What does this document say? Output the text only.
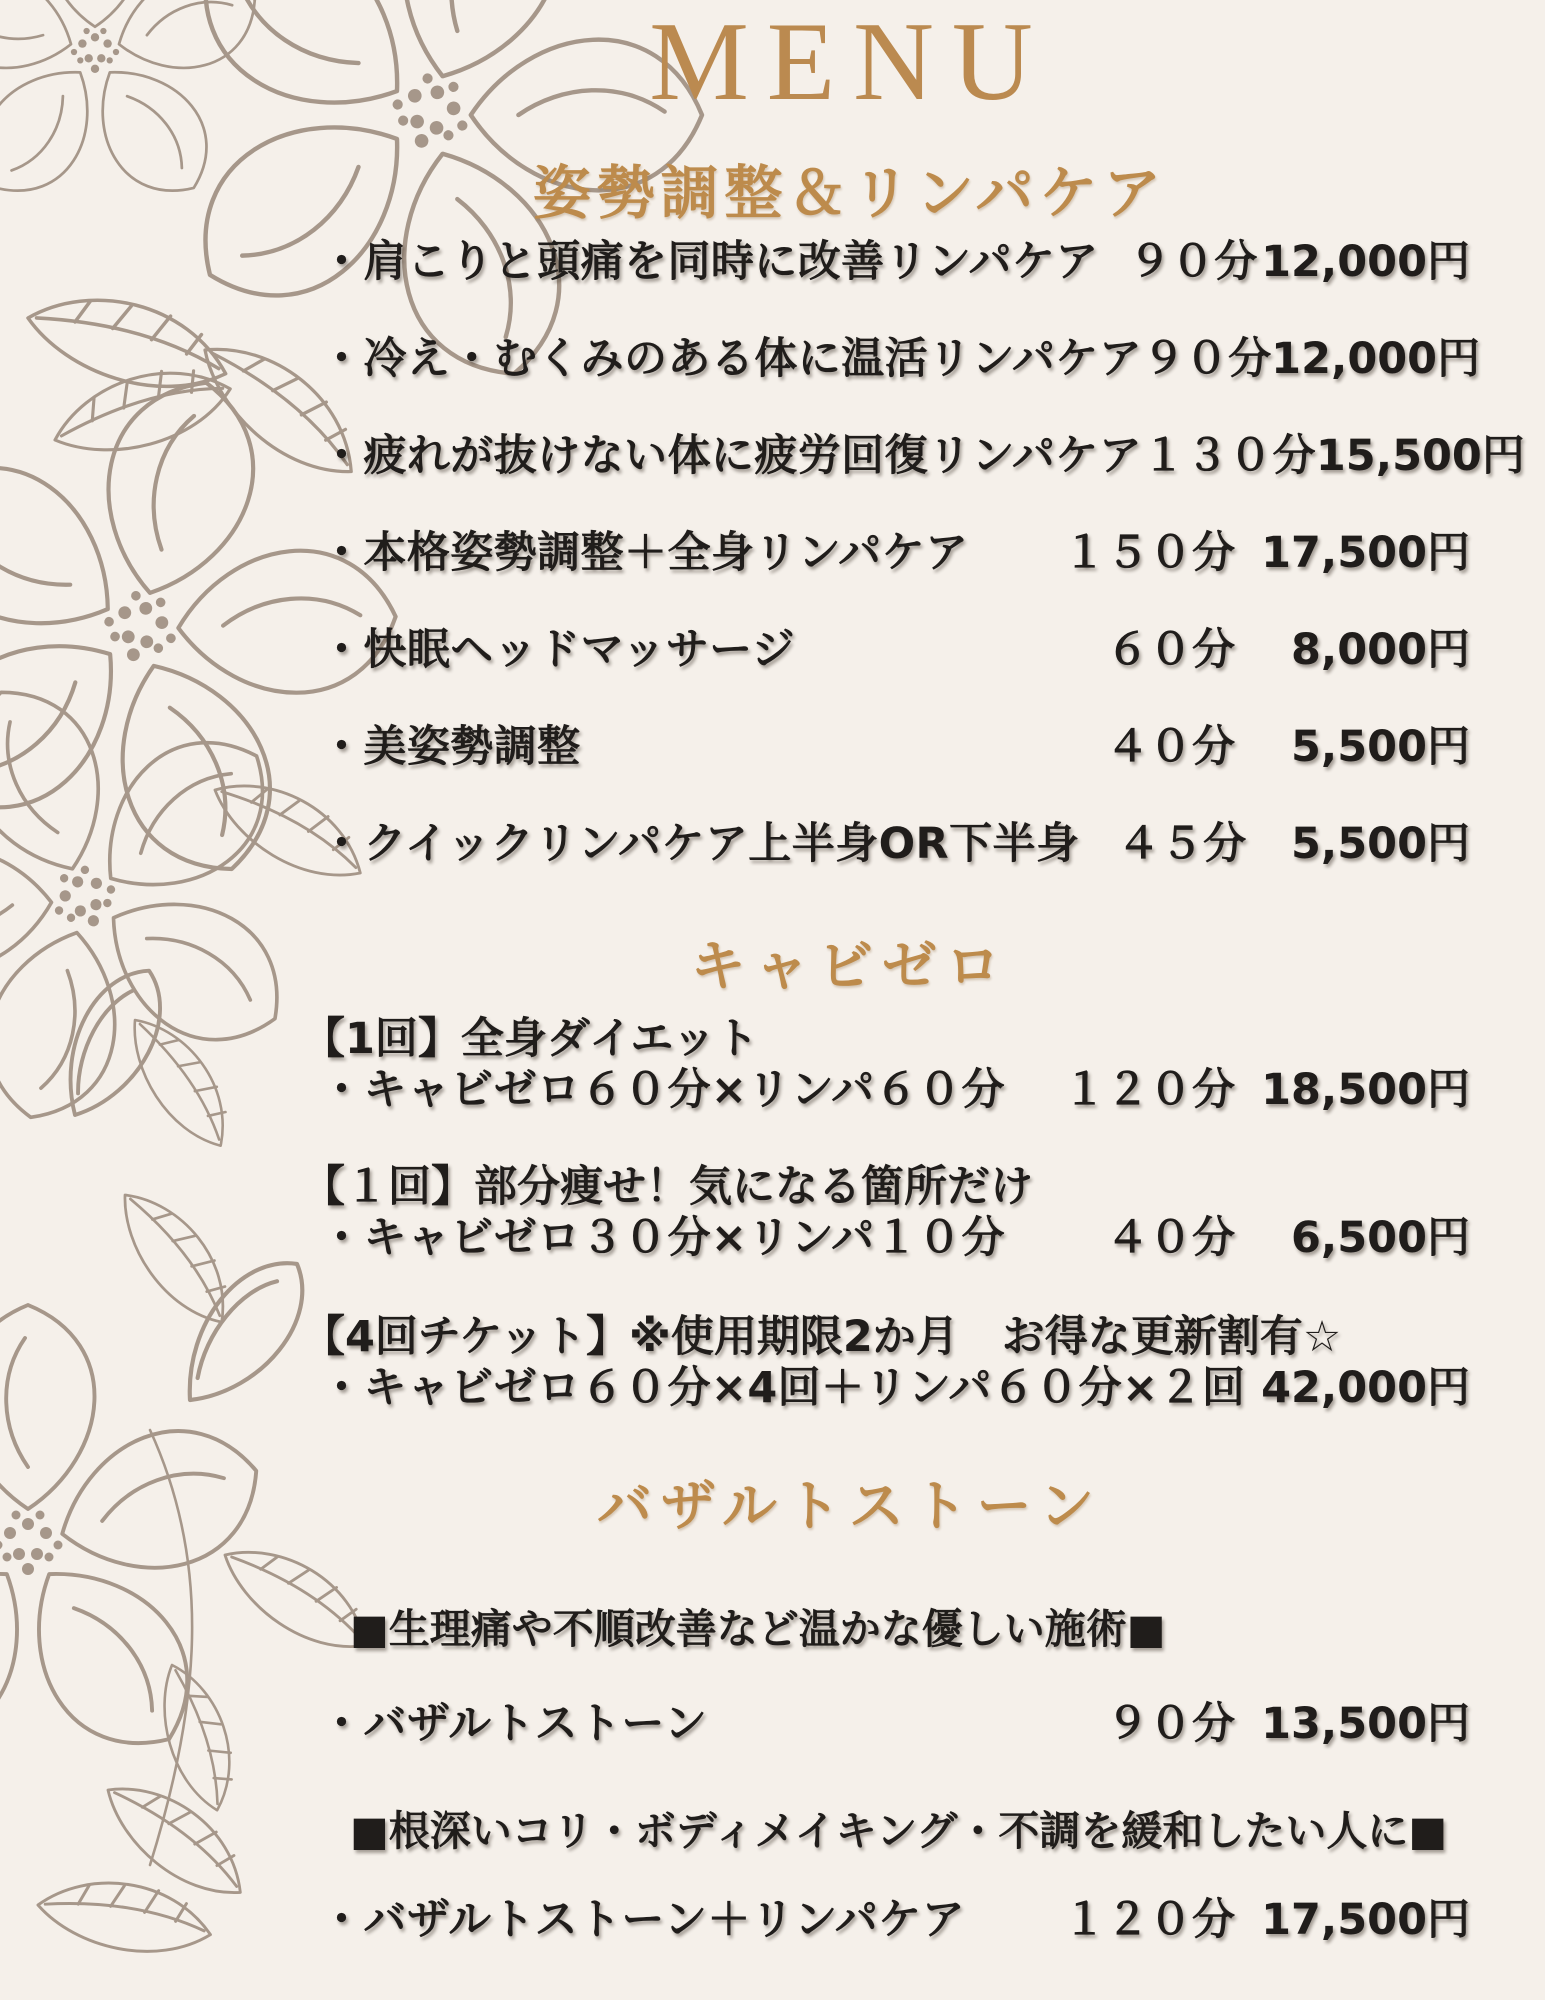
MENU
姿勢調整＆リンパケア
・肩こりと頭痛を同時に改善リンパケア ９０分 12,000円
・冷え・むくみのある体に温活リンパケア ９０分 12,000円
・疲れが抜けない体に疲労回復リンパケア１３０分 15,500円
・本格姿勢調整＋全身リンパケア	１５０分 17,500円
・快眠ヘッドマッサージ	６０分	8,000円
・美姿勢調整	４０分	5,500円
・クイックリンパケア上半身OR下半身 ４５分	5,500円
キャビゼロ
【1回】全身ダイエット
・キャビゼロ６０分×リンパ６０分	１２０分 18,500円
【１回】部分痩せ！気になる箇所だけ
・キャビゼロ３０分×リンパ１０分	４０分	6,500円
【4回チケット】※使用期限2か月　お得な更新割有☆
・キャビゼロ６０分×4回＋リンパ６０分×２回 42,000円
バザルトストーン
■生理痛や不順改善など温かな優しい施術■
・バザルトストーン	９０分 13,500円
■根深いコリ・ボディメイキング・不調を緩和したい人に■
・バザルトストーン＋リンパケア	１２０分 17,500円
